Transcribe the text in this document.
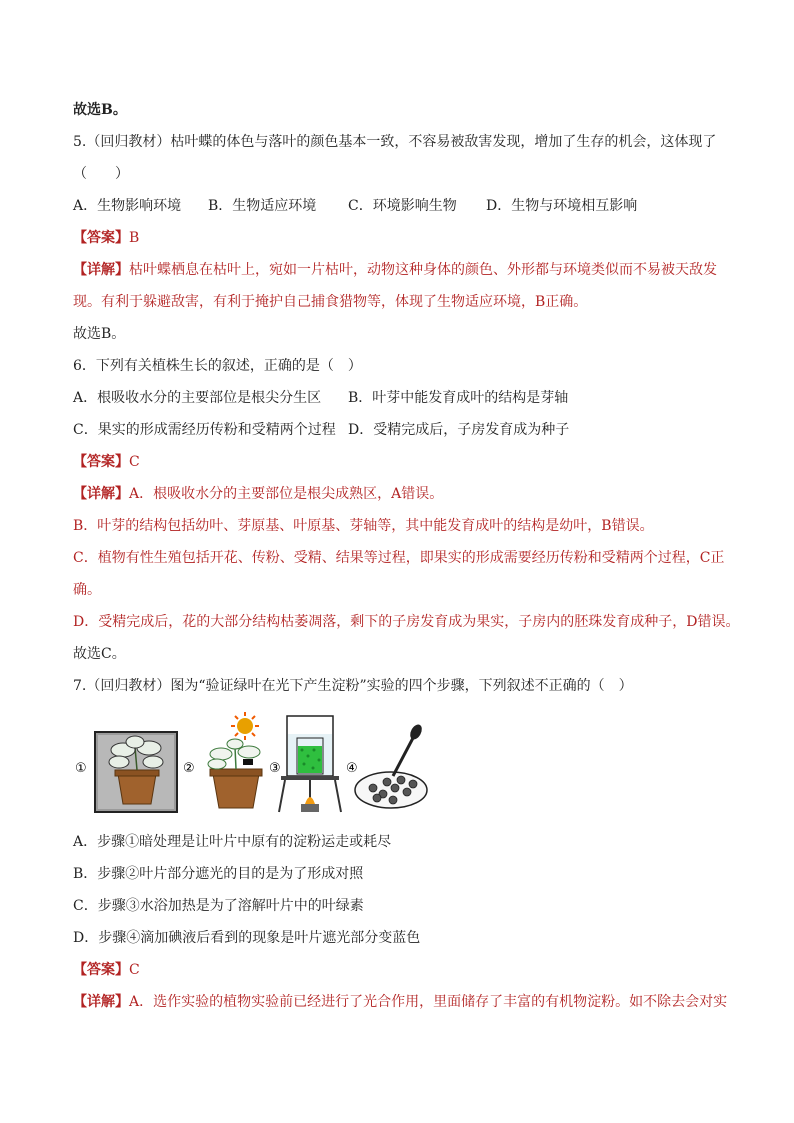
故选B。
5.（回归教材）枯叶蝶的体色与落叶的颜色基本一致，不容易被敌害发现，增加了生存的机会，这体现了
（　　）
A．生物影响环境 B．生物适应环境 C．环境影响生物 D．生物与环境相互影响
【答案】B
【详解】枯叶蝶栖息在枯叶上，宛如一片枯叶，动物这种身体的颜色、外形都与环境类似而不易被天敌发
现。有利于躲避敌害，有利于掩护自己捕食猎物等，体现了生物适应环境，B正确。
故选B。
6．下列有关植株生长的叙述，正确的是（　）
A．根吸收水分的主要部位是根尖分生区 B．叶芽中能发育成叶的结构是芽轴
C．果实的形成需经历传粉和受精两个过程 D．受精完成后，子房发育成为种子
【答案】C
【详解】A．根吸收水分的主要部位是根尖成熟区，A错误。
B．叶芽的结构包括幼叶、芽原基、叶原基、芽轴等，其中能发育成叶的结构是幼叶，B错误。
C．植物有性生殖包括开花、传粉、受精、结果等过程，即果实的形成需要经历传粉和受精两个过程，C正
确。
D．受精完成后，花的大部分结构枯萎凋落，剩下的子房发育成为果实，子房内的胚珠发育成种子，D错误。
故选C。
7.（回归教材）图为“验证绿叶在光下产生淀粉”实验的四个步骤，下列叙述不正确的（　）
①	②	③	④
A．步骤①暗处理是让叶片中原有的淀粉运走或耗尽
B．步骤②叶片部分遮光的目的是为了形成对照
C．步骤③水浴加热是为了溶解叶片中的叶绿素
D．步骤④滴加碘液后看到的现象是叶片遮光部分变蓝色
【答案】C
【详解】A．选作实验的植物实验前已经进行了光合作用，里面储存了丰富的有机物淀粉。如不除去会对实
